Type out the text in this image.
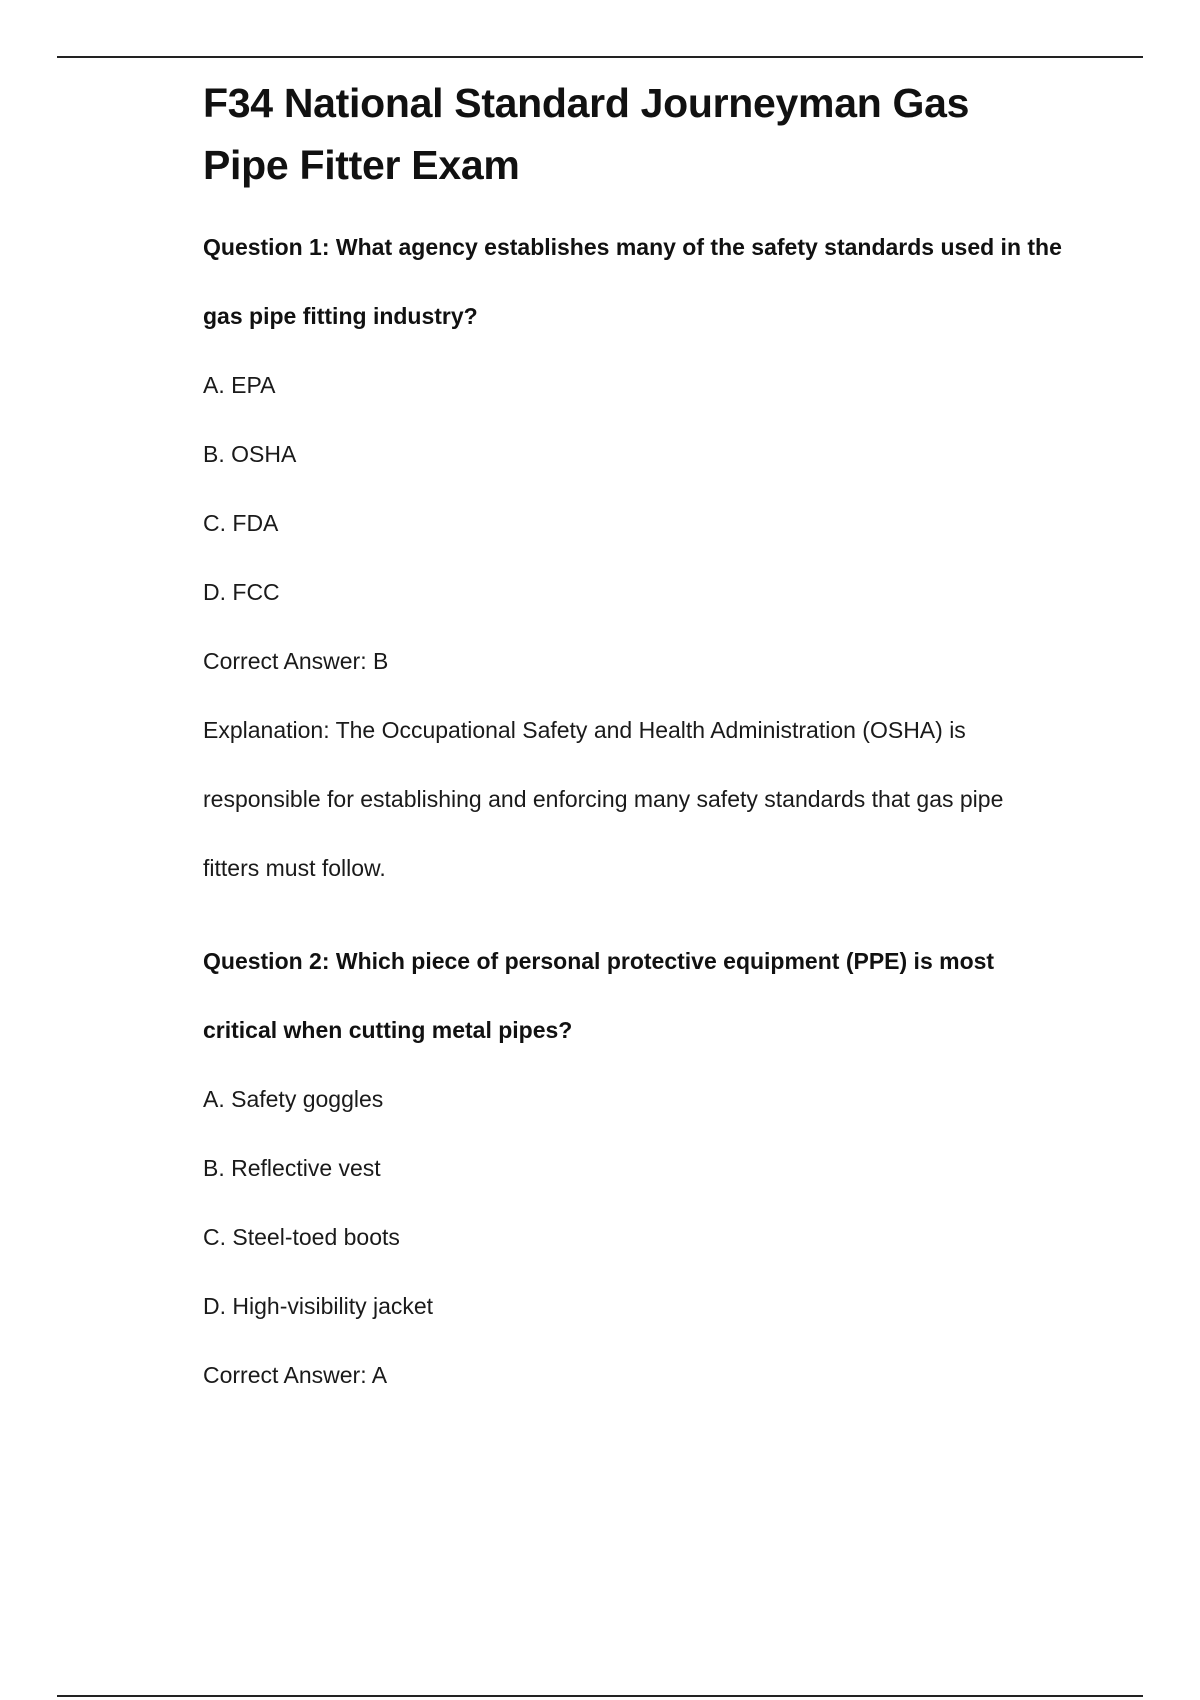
F34 National Standard Journeyman Gas Pipe Fitter Exam

Question 1: What agency establishes many of the safety standards used in the gas pipe fitting industry?

A. EPA

B. OSHA

C. FDA

D. FCC

Correct Answer: B

Explanation: The Occupational Safety and Health Administration (OSHA) is responsible for establishing and enforcing many safety standards that gas pipe fitters must follow.

Question 2: Which piece of personal protective equipment (PPE) is most critical when cutting metal pipes?

A. Safety goggles

B. Reflective vest

C. Steel-toed boots

D. High-visibility jacket

Correct Answer: A
